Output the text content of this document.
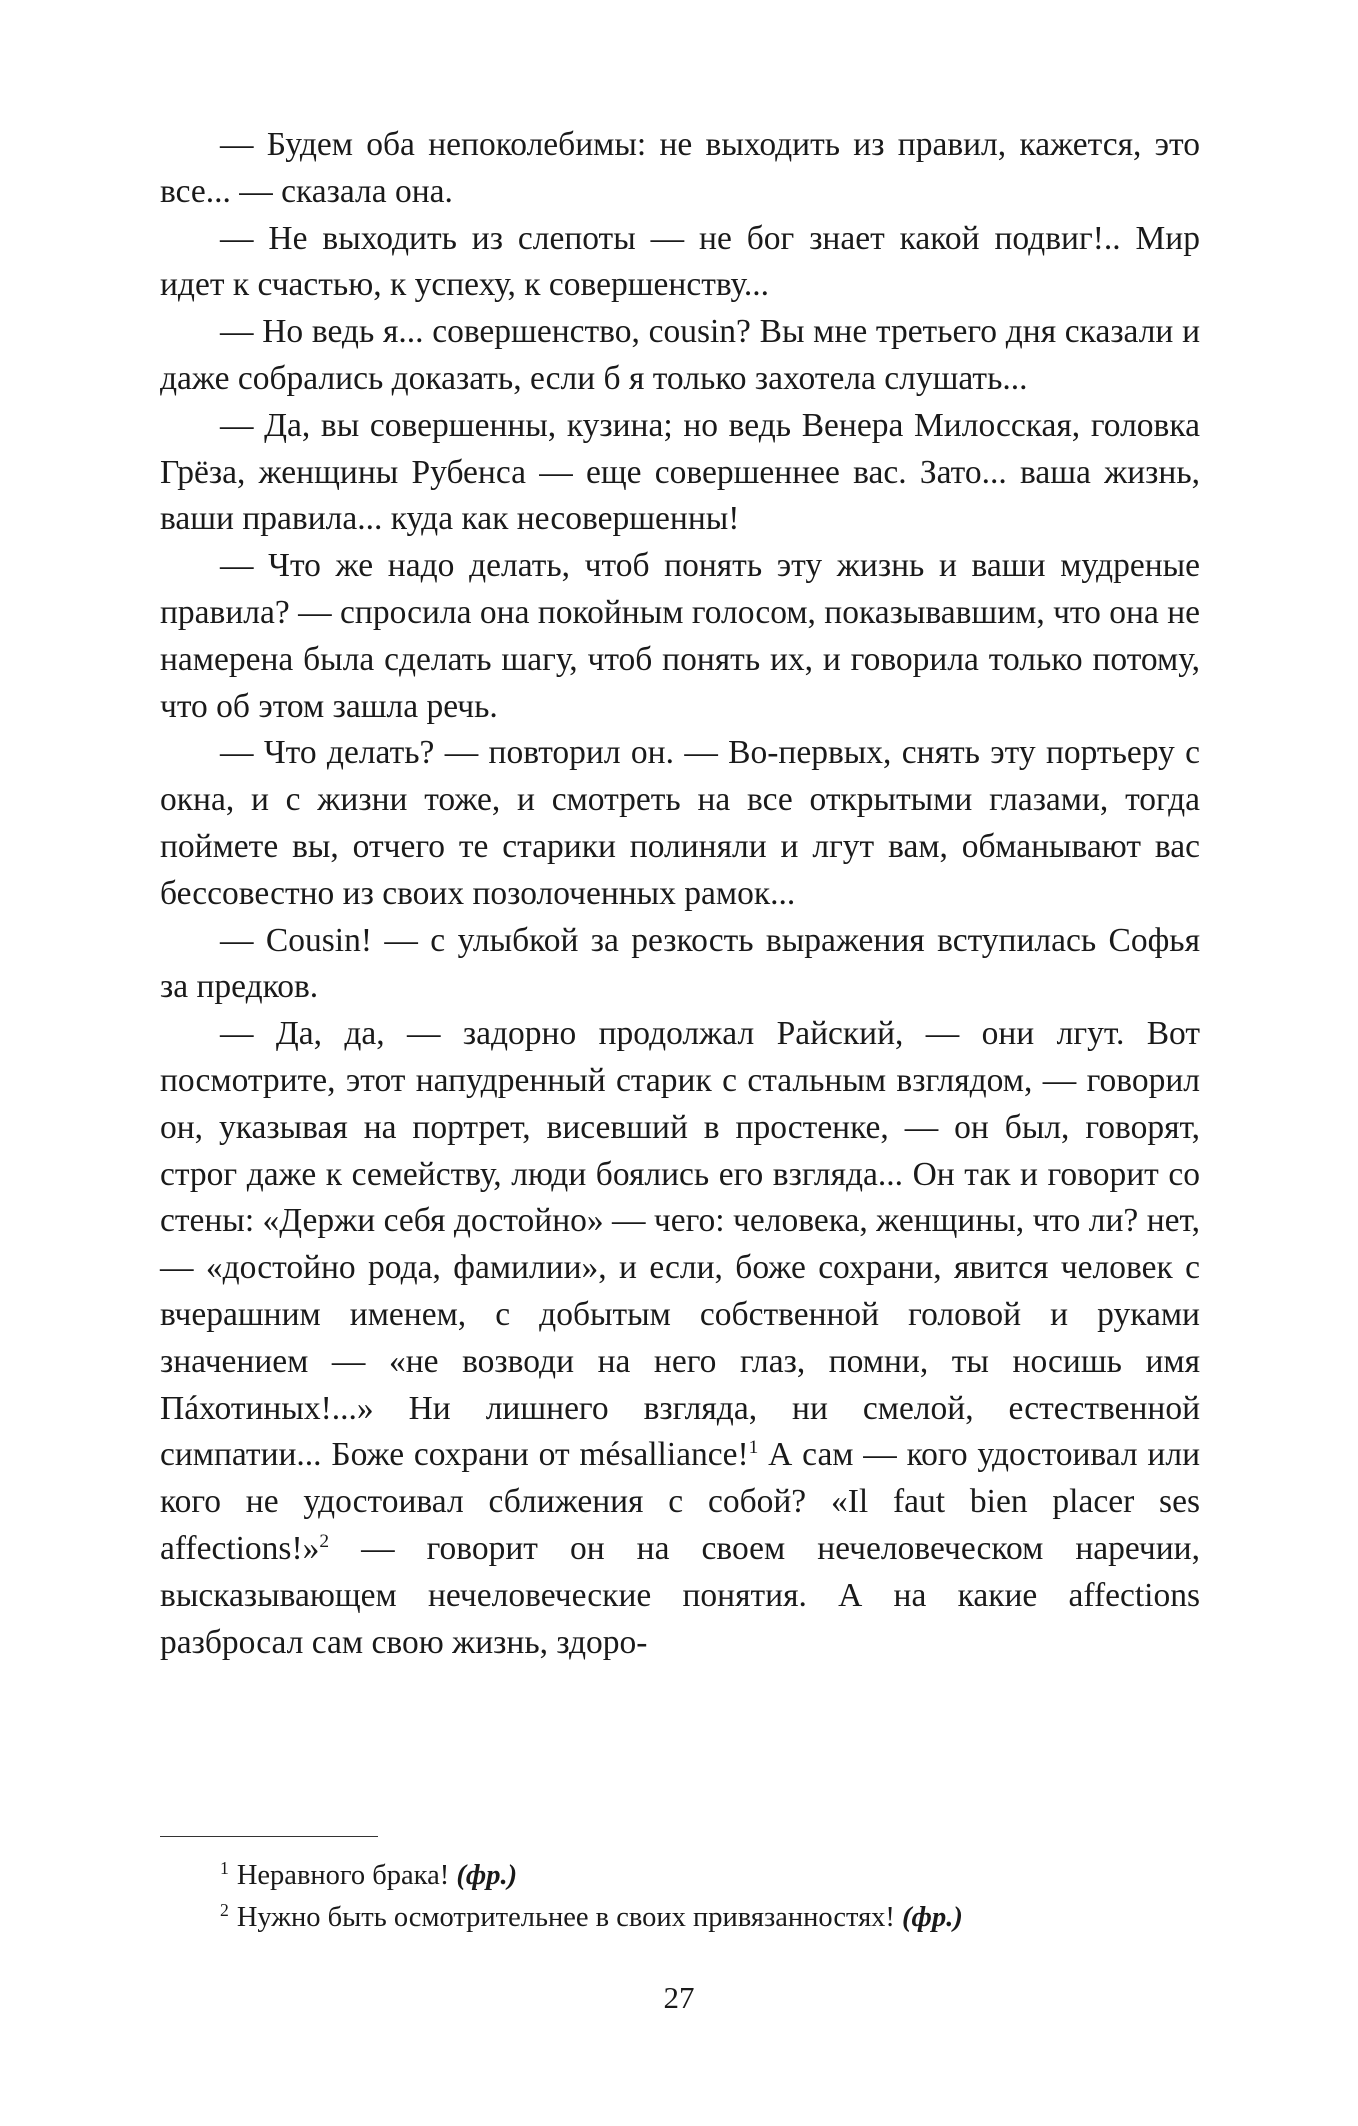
— Будем оба непоколебимы: не выходить из правил, кажется, это все... — сказала она.

— Не выходить из слепоты — не бог знает какой подвиг!.. Мир идет к счастью, к успеху, к совершенству...

— Но ведь я... совершенство, cousin? Вы мне третьего дня сказали и даже собрались доказать, если б я только захотела слушать...

— Да, вы совершенны, кузина; но ведь Венера Милосская, головка Грёза, женщины Рубенса — еще совершеннее вас. Зато... ваша жизнь, ваши правила... куда как несовершенны!

— Что же надо делать, чтоб понять эту жизнь и ваши мудреные правила? — спросила она покойным голосом, показывавшим, что она не намерена была сделать шагу, чтоб понять их, и говорила только потому, что об этом зашла речь.

— Что делать? — повторил он. — Во-первых, снять эту портьеру с окна, и с жизни тоже, и смотреть на все открытыми глазами, тогда поймете вы, отчего те старики полиняли и лгут вам, обманывают вас бессовестно из своих позолоченных рамок...

— Cousin! — с улыбкой за резкость выражения вступилась Софья за предков.

— Да, да, — задорно продолжал Райский, — они лгут. Вот посмотрите, этот напудренный старик с стальным взглядом, — говорил он, указывая на портрет, висевший в простенке, — он был, говорят, строг даже к семейству, люди боялись его взгляда... Он так и говорит со стены: «Держи себя достойно» — чего: человека, женщины, что ли? нет, — «достойно рода, фамилии», и если, боже сохрани, явится человек с вчерашним именем, с добытым собственной головой и руками значением — «не возводи на него глаз, помни, ты носишь имя Пáхотиных!...» Ни лишнего взгляда, ни смелой, естественной симпатии... Боже сохрани от mésalliance!$^1$ А сам — кого удостоивал или кого не удостоивал сближения с собой? «Il faut bien placer ses affections!»$^2$ — говорит он на своем нечеловеческом наречии, высказывающем нечеловеческие понятия. А на какие affections разбросал сам свою жизнь, здоро-

$^1$ Неравного брака! (фр.)

$^2$ Нужно быть осмотрительнее в своих привязанностях! (фр.)

27
